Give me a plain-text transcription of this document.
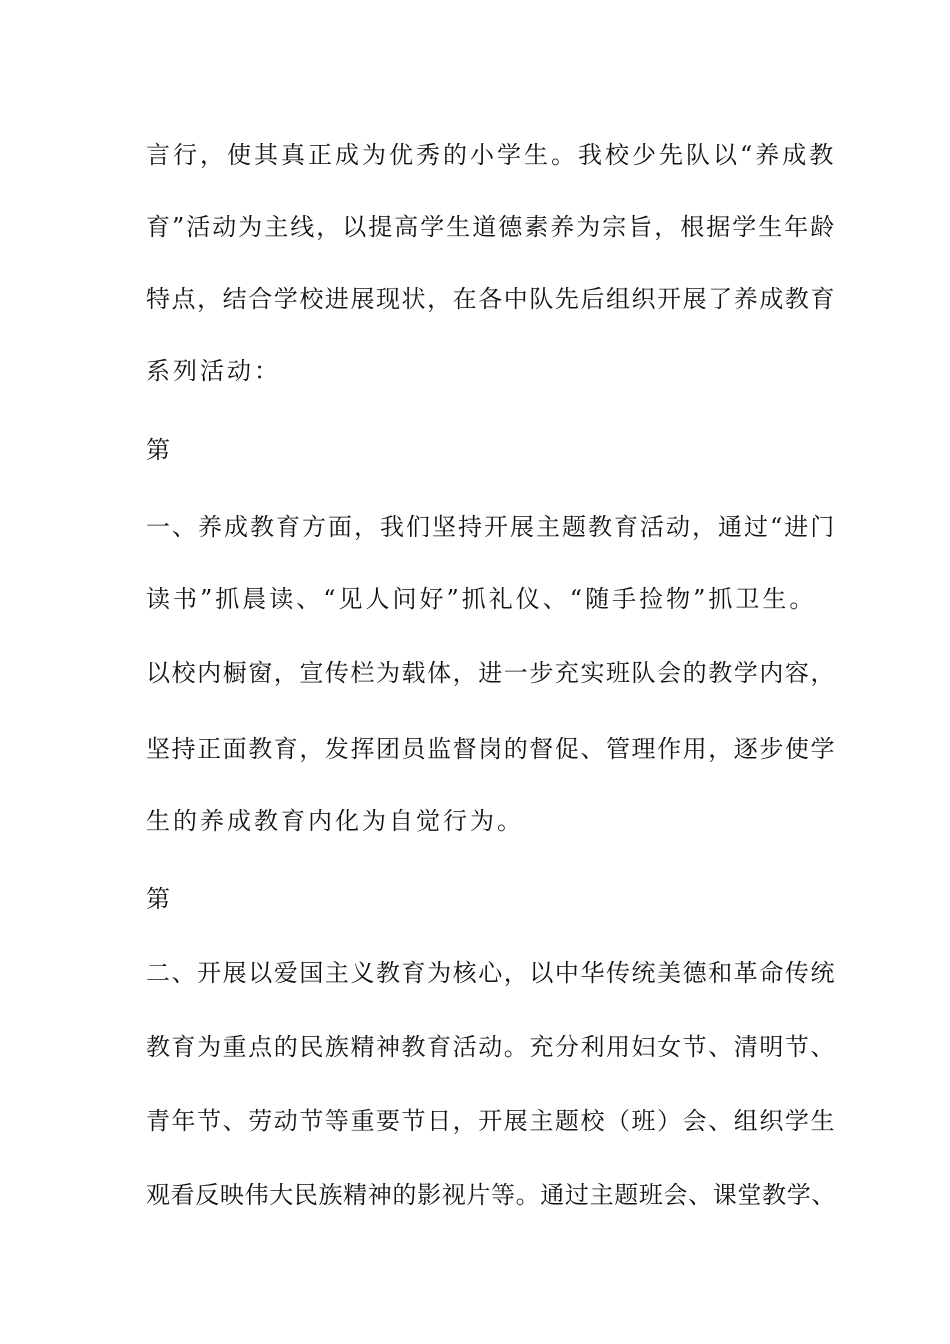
言行，使其真正成为优秀的小学生。我校少先队以“养成教
育”活动为主线，以提高学生道德素养为宗旨，根据学生年龄
特点，结合学校进展现状，在各中队先后组织开展了养成教育
系列活动：
第
一、养成教育方面，我们坚持开展主题教育活动，通过“进门
读书”抓晨读、“见人问好”抓礼仪、“随手捡物”抓卫生。
以校内橱窗，宣传栏为载体，进一步充实班队会的教学内容，
坚持正面教育，发挥团员监督岗的督促、管理作用，逐步使学
生的养成教育内化为自觉行为。
第
二、开展以爱国主义教育为核心，以中华传统美德和革命传统
教育为重点的民族精神教育活动。充分利用妇女节、清明节、
青年节、劳动节等重要节日，开展主题校（班）会、组织学生
观看反映伟大民族精神的影视片等。通过主题班会、课堂教学、
